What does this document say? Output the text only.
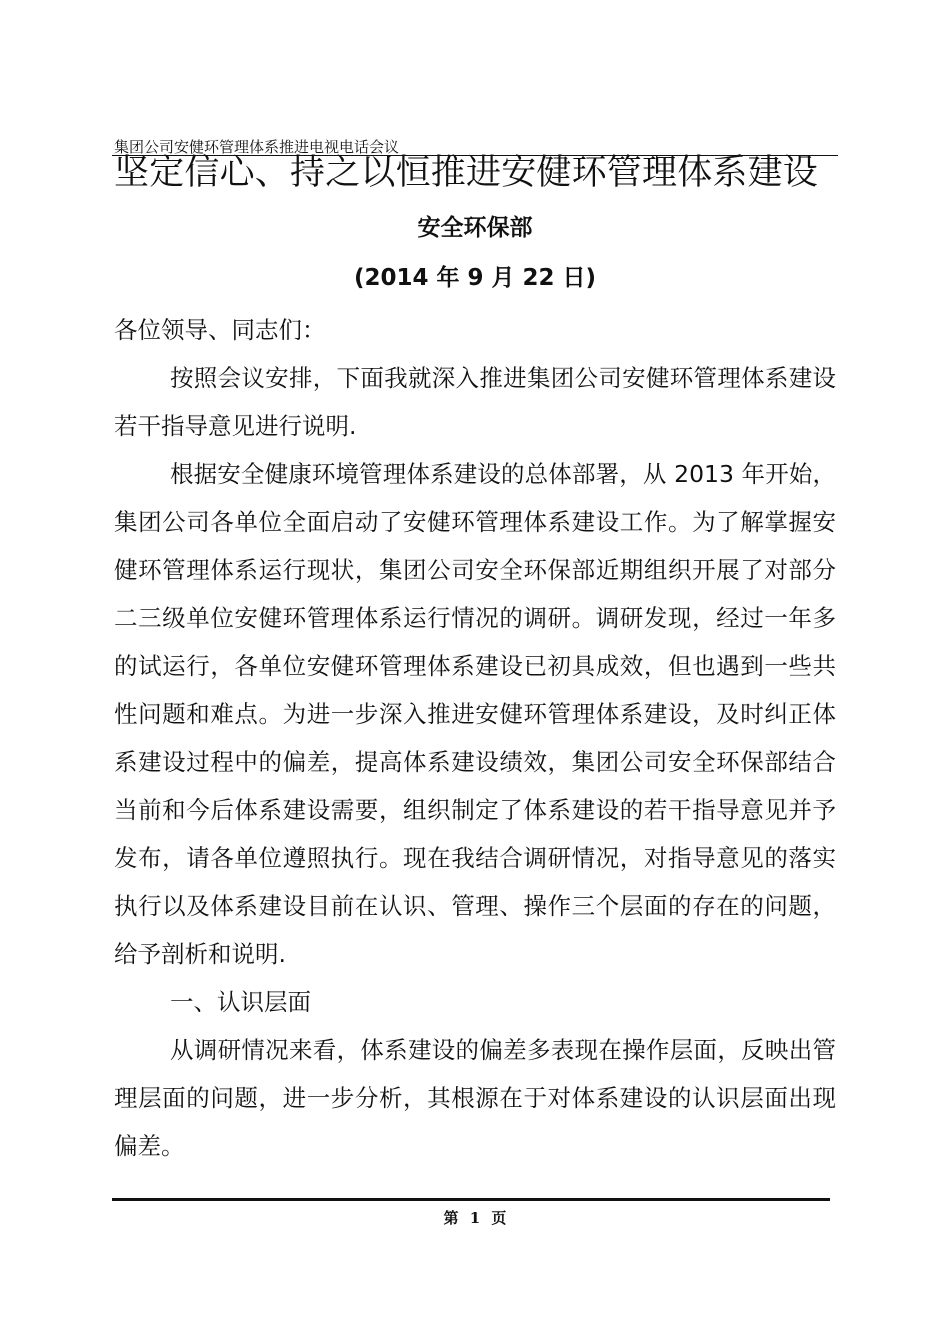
集团公司安健环管理体系推进电视电话会议
坚定信心、持之以恒推进安健环管理体系建设
安全环保部
(2014 年 9 月 22 日)

各位领导、同志们：

按照会议安排，下面我就深入推进集团公司安健环管理体系建设若干指导意见进行说明.

根据安全健康环境管理体系建设的总体部署，从 2013 年开始，集团公司各单位全面启动了安健环管理体系建设工作。为了解掌握安健环管理体系运行现状，集团公司安全环保部近期组织开展了对部分二三级单位安健环管理体系运行情况的调研。调研发现，经过一年多的试运行，各单位安健环管理体系建设已初具成效，但也遇到一些共性问题和难点。为进一步深入推进安健环管理体系建设，及时纠正体系建设过程中的偏差，提高体系建设绩效，集团公司安全环保部结合当前和今后体系建设需要，组织制定了体系建设的若干指导意见并予发布，请各单位遵照执行。现在我结合调研情况，对指导意见的落实执行以及体系建设目前在认识、管理、操作三个层面的存在的问题，给予剖析和说明.

一、认识层面

从调研情况来看，体系建设的偏差多表现在操作层面，反映出管理层面的问题，进一步分析，其根源在于对体系建设的认识层面出现偏差。

第 1 页
